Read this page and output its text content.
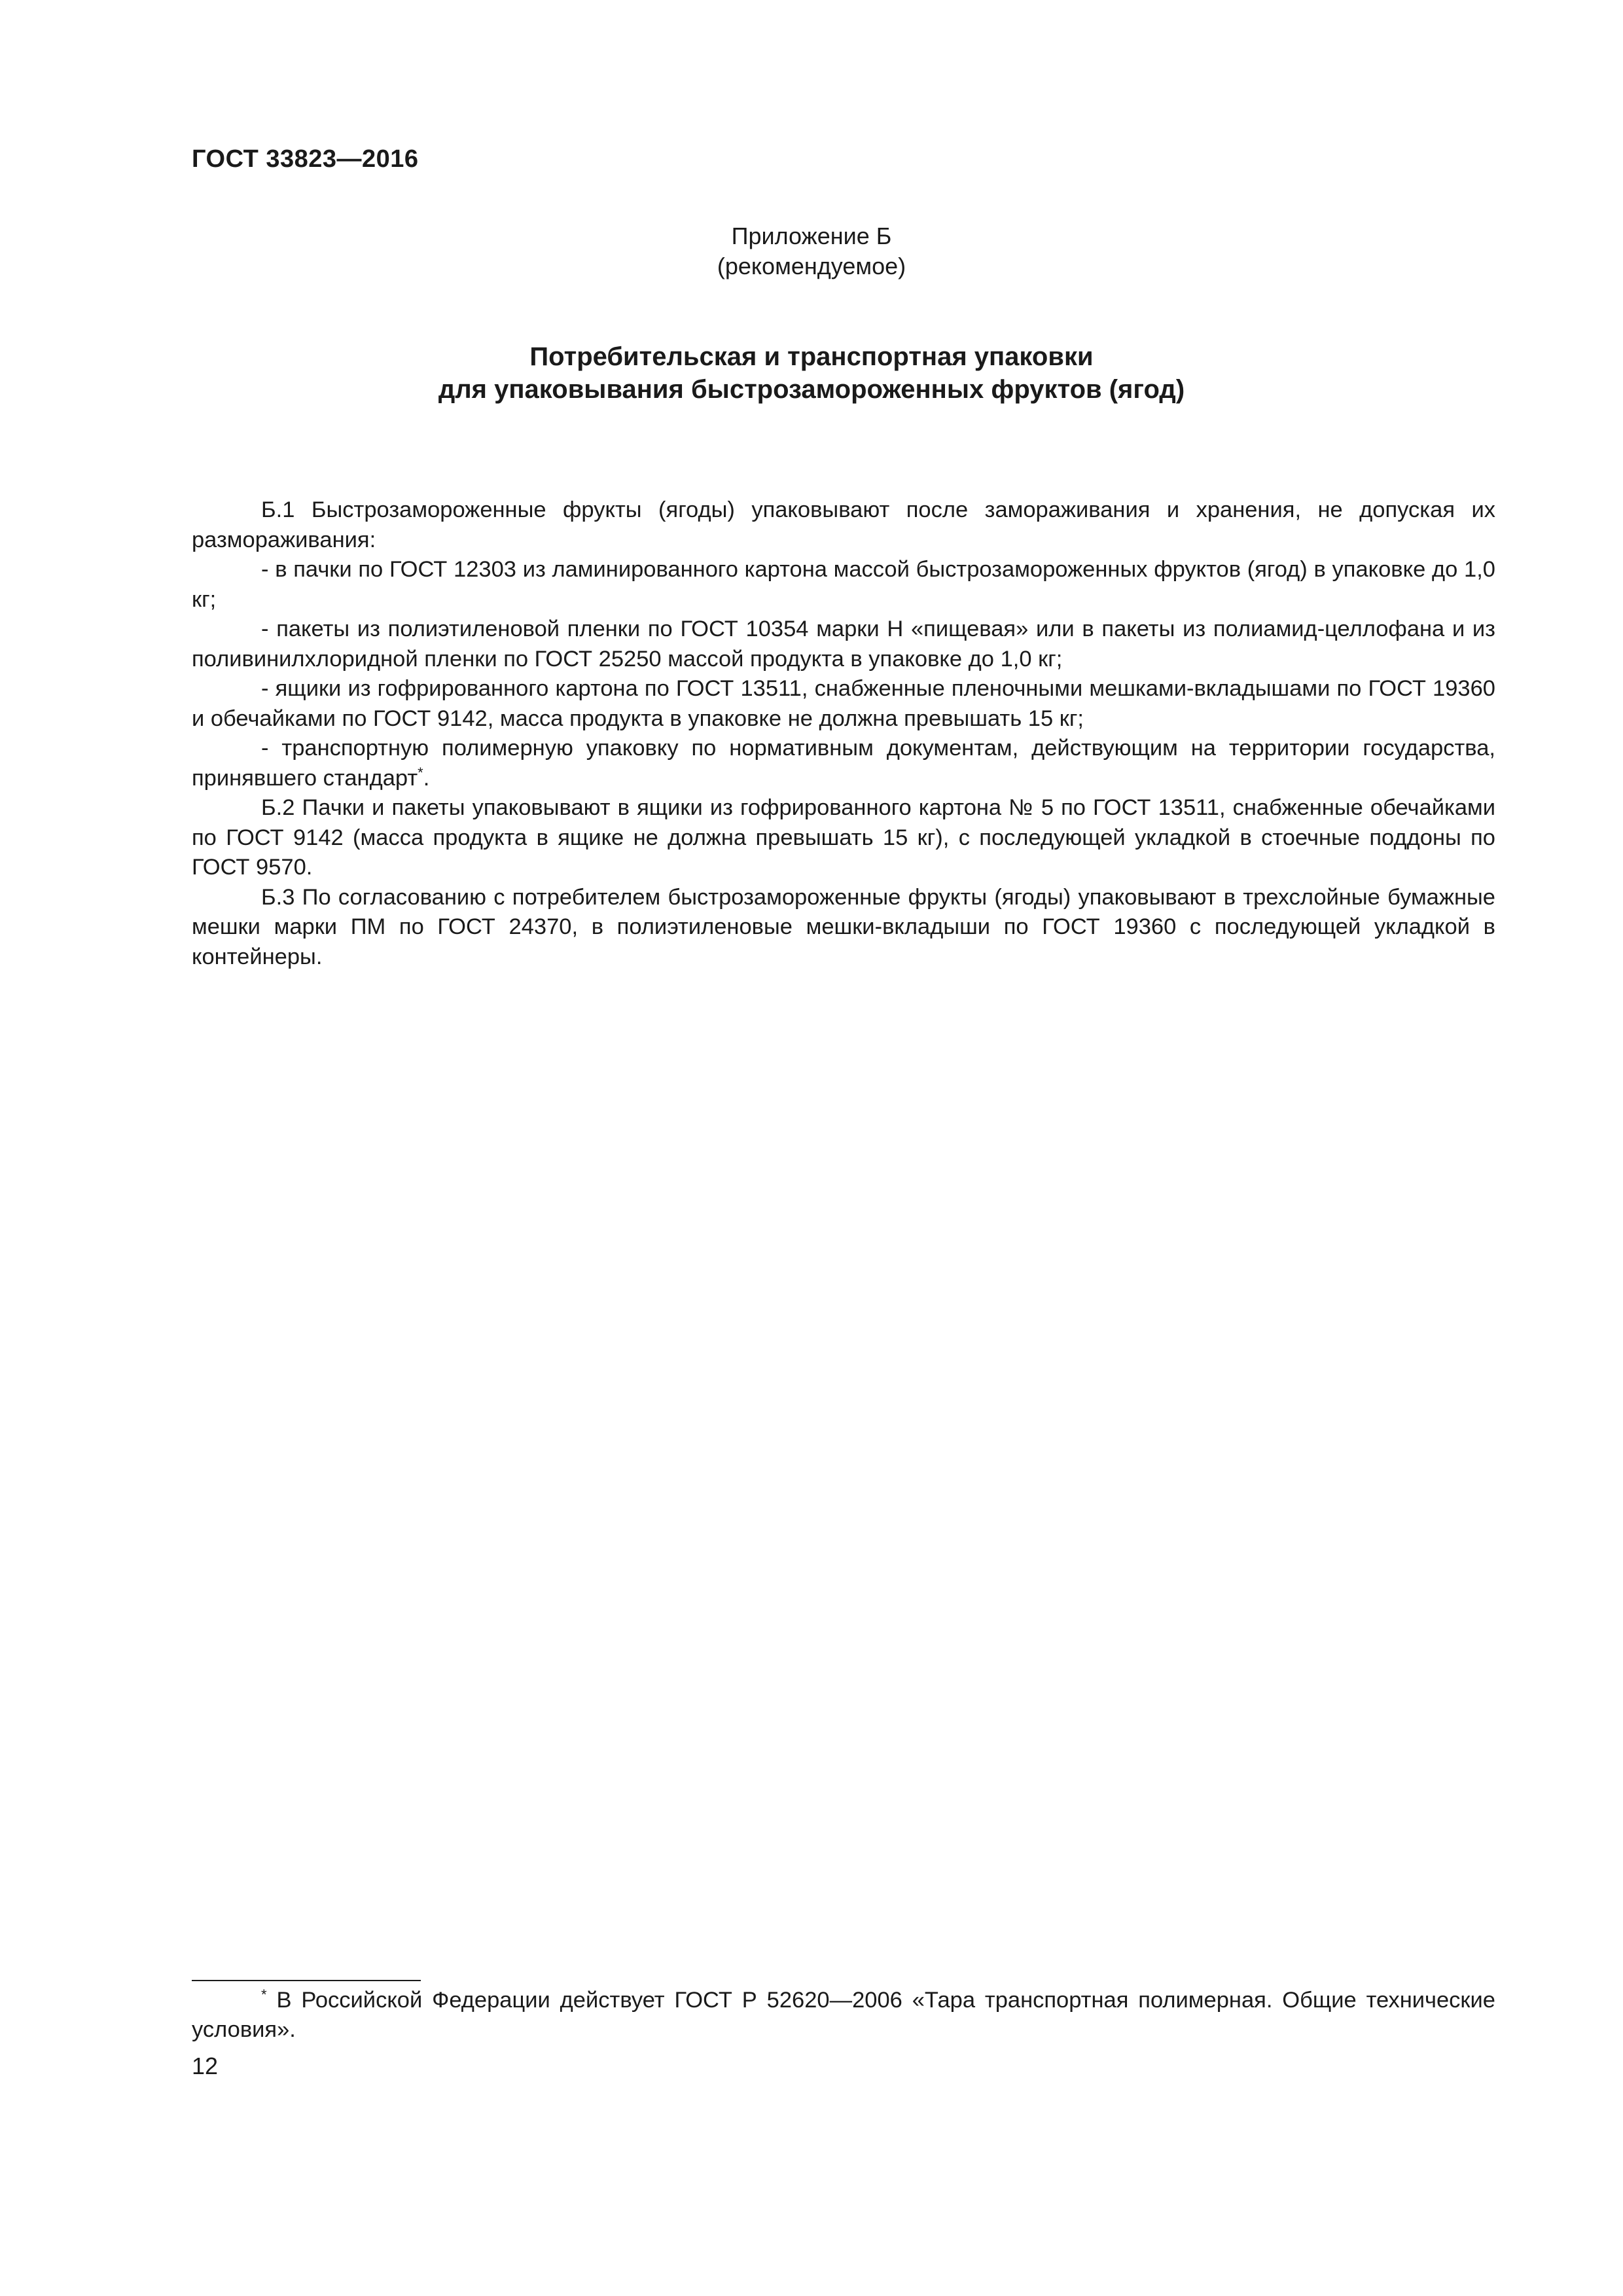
ГОСТ 33823—2016
Приложение Б
(рекомендуемое)
Потребительская и транспортная упаковки
для упаковывания быстрозамороженных фруктов (ягод)

Б.1 Быстрозамороженные фрукты (ягоды) упаковывают после замораживания и хранения, не допуская их размораживания:

- в пачки по ГОСТ 12303 из ламинированного картона массой быстрозамороженных фруктов (ягод) в упаковке до 1,0 кг;

- пакеты из полиэтиленовой пленки по ГОСТ 10354 марки Н «пищевая» или в пакеты из полиамид-целлофана и из поливинилхлоридной пленки по ГОСТ 25250 массой продукта в упаковке до 1,0 кг;

- ящики из гофрированного картона по ГОСТ 13511, снабженные пленочными мешками-вкладышами по ГОСТ 19360 и обечайками по ГОСТ 9142, масса продукта в упаковке не должна превышать 15 кг;

- транспортную полимерную упаковку по нормативным документам, действующим на территории государства, принявшего стандарт*.

Б.2 Пачки и пакеты упаковывают в ящики из гофрированного картона № 5 по ГОСТ 13511, снабженные обечайками по ГОСТ 9142 (масса продукта в ящике не должна превышать 15 кг), с последующей укладкой в стоечные поддоны по ГОСТ 9570.

Б.3 По согласованию с потребителем быстрозамороженные фрукты (ягоды) упаковывают в трехслойные бумажные мешки марки ПМ по ГОСТ 24370, в полиэтиленовые мешки-вкладыши по ГОСТ 19360 с последующей укладкой в контейнеры.

* В Российской Федерации действует ГОСТ Р 52620—2006 «Тара транспортная полимерная. Общие технические условия».
12
